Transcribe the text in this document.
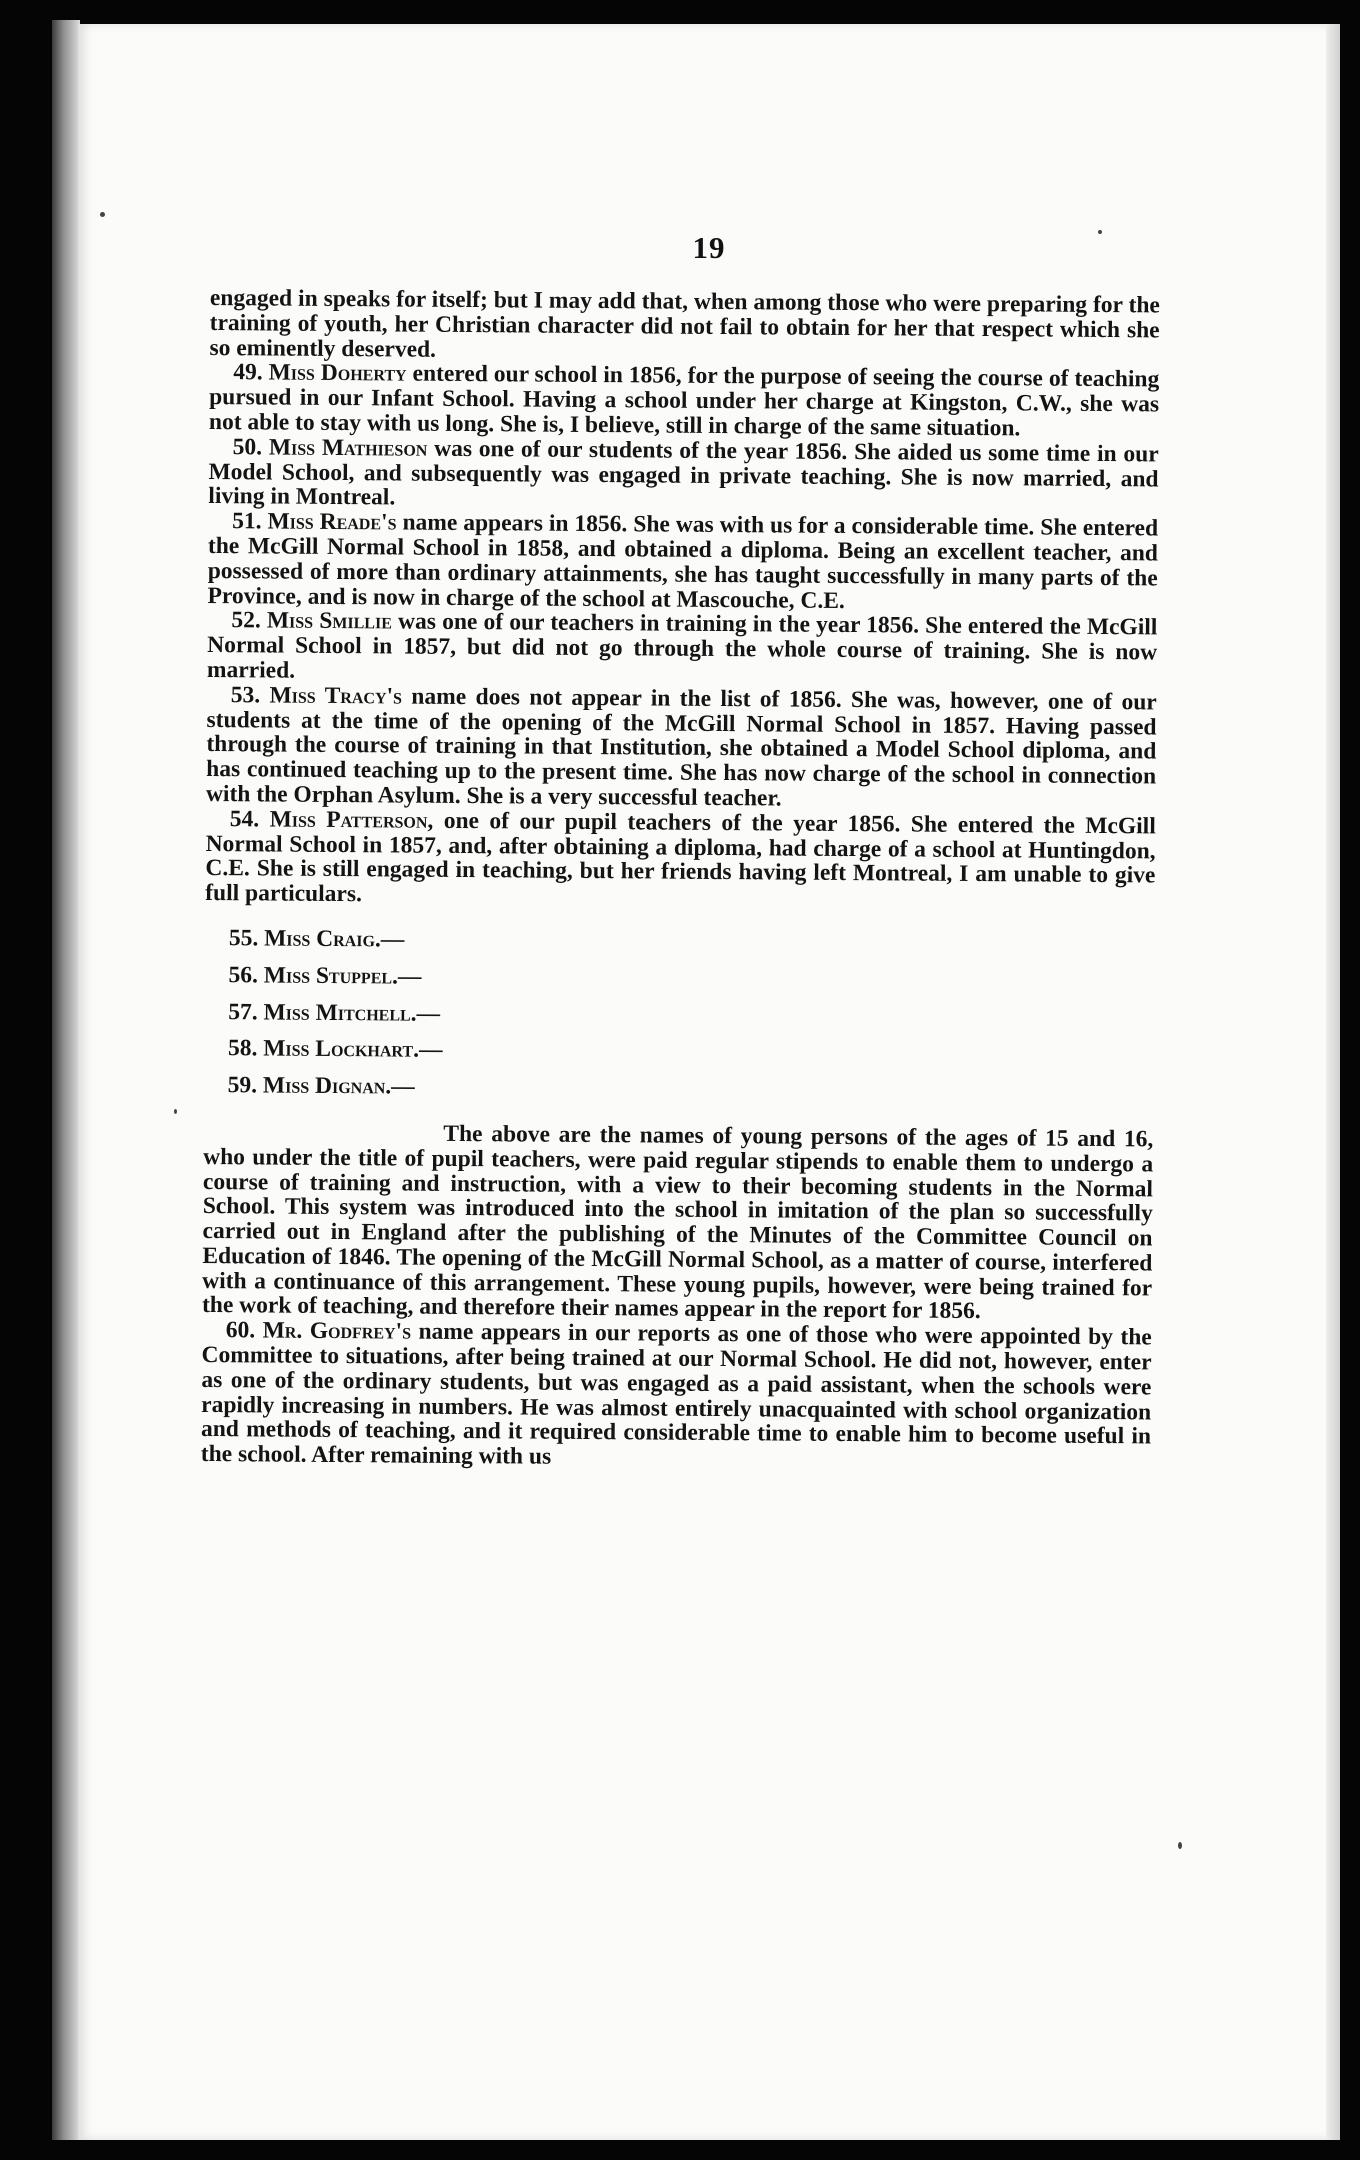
19

engaged in speaks for itself; but I may add that, when among those who were preparing for the training of youth, her Christian character did not fail to obtain for her that respect which she so eminently deserved.

49. Miss Doherty entered our school in 1856, for the purpose of seeing the course of teaching pursued in our Infant School. Having a school under her charge at Kingston, C.W., she was not able to stay with us long. She is, I believe, still in charge of the same situation.

50. Miss Mathieson was one of our students of the year 1856. She aided us some time in our Model School, and subsequently was engaged in private teaching. She is now married, and living in Montreal.

51. Miss Reade's name appears in 1856. She was with us for a considerable time. She entered the McGill Normal School in 1858, and obtained a diploma. Being an excellent teacher, and possessed of more than ordinary attainments, she has taught successfully in many parts of the Province, and is now in charge of the school at Mascouche, C.E.

52. Miss Smillie was one of our teachers in training in the year 1856. She entered the McGill Normal School in 1857, but did not go through the whole course of training. She is now married.

53. Miss Tracy's name does not appear in the list of 1856. She was, however, one of our students at the time of the opening of the McGill Normal School in 1857. Having passed through the course of training in that Institution, she obtained a Model School diploma, and has continued teaching up to the present time. She has now charge of the school in connection with the Orphan Asylum. She is a very successful teacher.

54. Miss Patterson, one of our pupil teachers of the year 1856. She entered the McGill Normal School in 1857, and, after obtaining a diploma, had charge of a school at Huntingdon, C.E. She is still engaged in teaching, but her friends having left Montreal, I am unable to give full particulars.

55. Miss Craig.—

56. Miss Stuppel.—

57. Miss Mitchell.—

58. Miss Lockhart.—

59. Miss Dignan.—

The above are the names of young persons of the ages of 15 and 16, who under the title of pupil teachers, were paid regular stipends to enable them to undergo a course of training and instruction, with a view to their becoming students in the Normal School. This system was introduced into the school in imitation of the plan so successfully carried out in England after the publishing of the Minutes of the Committee Council on Education of 1846. The opening of the McGill Normal School, as a matter of course, interfered with a continuance of this arrangement. These young pupils, however, were being trained for the work of teaching, and therefore their names appear in the report for 1856.

60. Mr. Godfrey's name appears in our reports as one of those who were appointed by the Committee to situations, after being trained at our Normal School. He did not, however, enter as one of the ordinary students, but was engaged as a paid assistant, when the schools were rapidly increasing in numbers. He was almost entirely unacquainted with school organization and methods of teaching, and it required considerable time to enable him to become useful in the school. After remaining with us
